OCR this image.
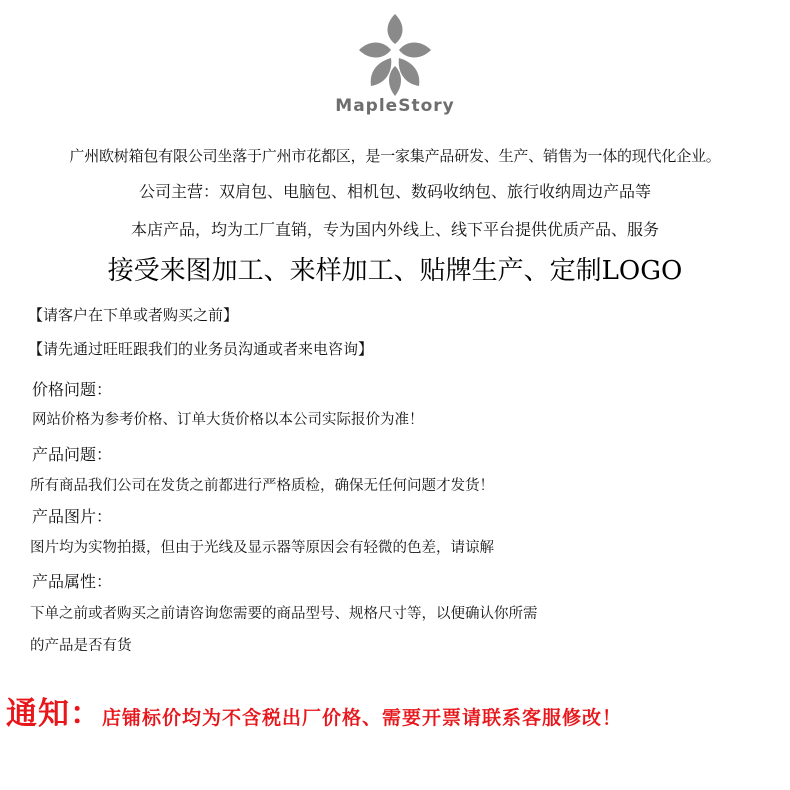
MapleStory
广州欧树箱包有限公司坐落于广州市花都区，是一家集产品研发、生产、销售为一体的现代化企业。
公司主营：双肩包、电脑包、相机包、数码收纳包、旅行收纳周边产品等
本店产品，均为工厂直销，专为国内外线上、线下平台提供优质产品、服务
接受来图加工、来样加工、贴牌生产、定制LOGO
【请客户在下单或者购买之前】
【请先通过旺旺跟我们的业务员沟通或者来电咨询】
价格问题：
网站价格为参考价格、订单大货价格以本公司实际报价为准！
产品问题：
所有商品我们公司在发货之前都进行严格质检，确保无任何问题才发货！
产品图片：
图片均为实物拍摄，但由于光线及显示器等原因会有轻微的色差，请谅解
产品属性：
下单之前或者购买之前请咨询您需要的商品型号、规格尺寸等，以便确认你所需
的产品是否有货
通知：店铺标价均为不含税出厂价格、需要开票请联系客服修改！
